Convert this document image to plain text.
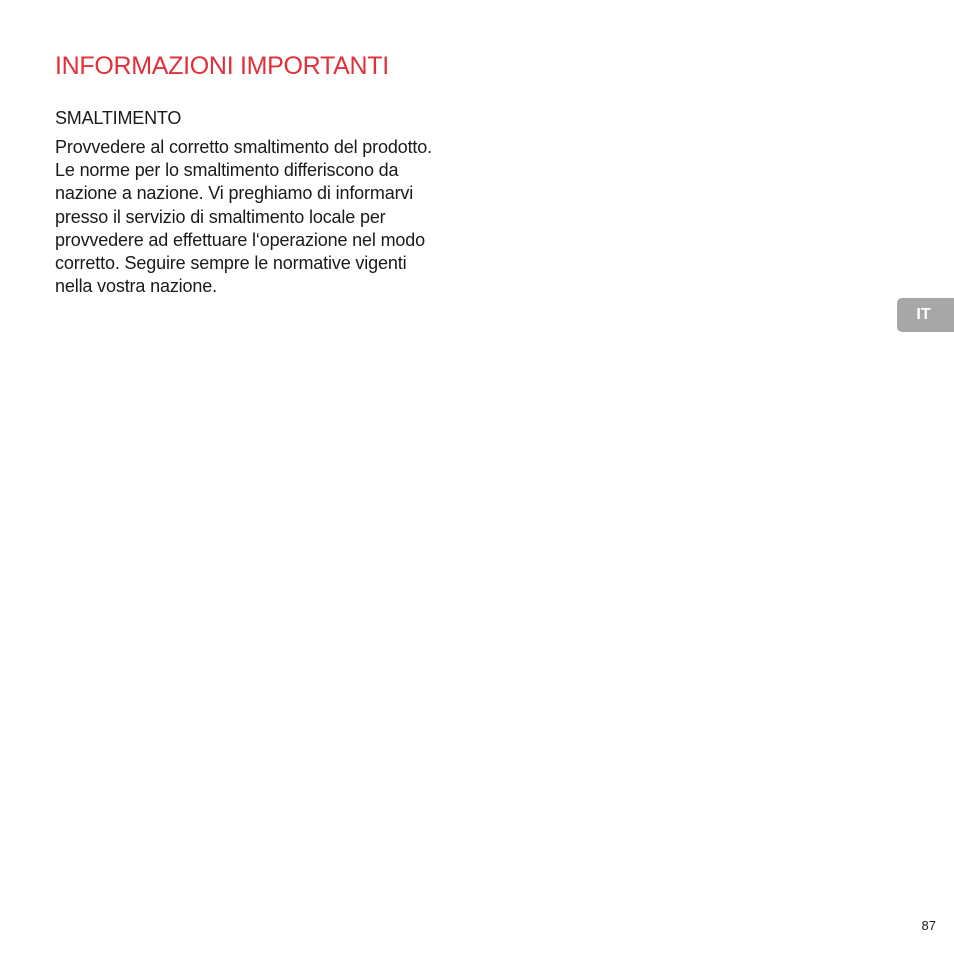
INFORMAZIONI IMPORTANTI
SMALTIMENTO

Provvedere al corretto smaltimento del prodotto.
Le norme per lo smaltimento differiscono da nazione a nazione. Vi preghiamo di informarvi presso il servizio di smaltimento locale per provvedere ad effettuare l‘operazione nel modo corretto. Seguire sempre le normative vigenti nella vostra nazione.

IT
87
